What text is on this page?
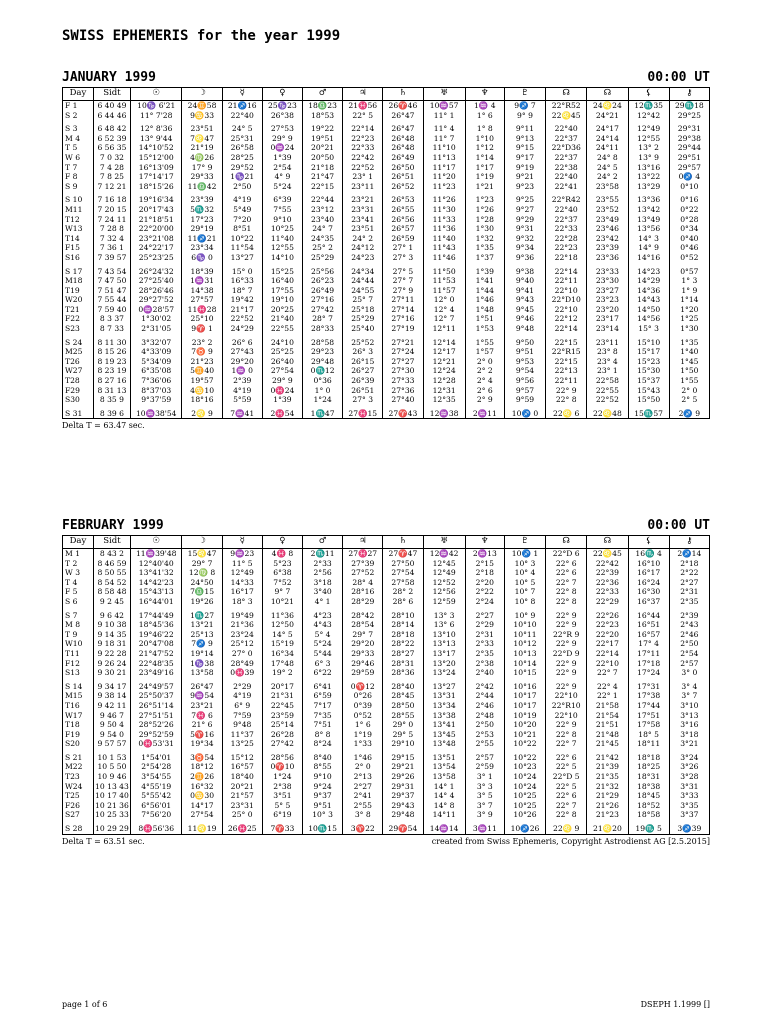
SWISS EPHEMERIS for the year 1999
JANUARY 1999	00:00 UT
Day	Sidt	☉	☽	☿	♀	♂	♃	♄	♅	♆	♇	☊	☊	⚸	⚷
F 1	6 40 49	10♑ 6'21	24♊58	21♐16	25♑23	18♎23	21♓56	26♈46	10♒57	1♒ 4	9♐ 7	22°R52	24♌24	12♏35	29♏18
S 2	6 44 46	11° 7'28	9♋33	22°40	26°38	18°53	22° 5	26°47	11° 1	1° 6	9° 9	22♌45	24°21	12°42	29°25

S 3	6 48 42	12° 8'36	23°51	24° 5	27°53	19°22	22°14	26°47	11° 4	1° 8	9°11	22°40	24°17	12°49	29°31
M 4	6 52 39	13° 9'44	7♌47	25°31	29° 9	19°51	22°23	26°48	11° 7	1°10	9°13	22°37	24°14	12°55	29°38
T 5	6 56 35	14°10'52	21°19	26°58	0♒24	20°21	22°33	26°48	11°10	1°12	9°15	22°D36	24°11	13° 2	29°44
W 6	7 0 32	15°12'00	4♍26	28°25	1°39	20°50	22°42	26°49	11°13	1°14	9°17	22°37	24° 8	13° 9	29°51
T 7	7 4 28	16°13'09	17° 9	29°52	2°54	21°18	22°52	26°50	11°17	1°17	9°19	22°38	24° 5	13°16	29°57
F 8	7 8 25	17°14'17	29°33	1♑21	4° 9	21°47	23° 1	26°51	11°20	1°19	9°21	22°40	24° 2	13°22	0♐ 4
S 9	7 12 21	18°15'26	11♎42	2°50	5°24	22°15	23°11	26°52	11°23	1°21	9°23	22°41	23°58	13°29	0°10

S 10	7 16 18	19°16'34	23°39	4°19	6°39	22°44	23°21	26°53	11°26	1°23	9°25	22°R42	23°55	13°36	0°16
M11	7 20 15	20°17'43	5♏32	5°49	7°55	23°12	23°31	26°55	11°30	1°26	9°27	22°40	23°52	13°42	0°22
T12	7 24 11	21°18'51	17°23	7°20	9°10	23°40	23°41	26°56	11°33	1°28	9°29	22°37	23°49	13°49	0°28
W13	7 28 8	22°20'00	29°19	8°51	10°25	24° 7	23°51	26°57	11°36	1°30	9°31	22°33	23°46	13°56	0°34
T14	7 32 4	23°21'08	11♐21	10°22	11°40	24°35	24° 2	26°59	11°40	1°32	9°32	22°28	23°42	14° 3	0°40
F15	7 36 1	24°22'17	23°34	11°54	12°55	25° 2	24°12	27° 1	11°43	1°35	9°34	22°23	23°39	14° 9	0°46
S16	7 39 57	25°23'25	6♑ 0	13°27	14°10	25°29	24°23	27° 3	11°46	1°37	9°36	22°18	23°36	14°16	0°52

S 17	7 43 54	26°24'32	18°39	15° 0	15°25	25°56	24°34	27° 5	11°50	1°39	9°38	22°14	23°33	14°23	0°57
M18	7 47 50	27°25'40	1♒31	16°33	16°40	26°23	24°44	27° 7	11°53	1°41	9°40	22°11	23°30	14°29	1° 3
T19	7 51 47	28°26'46	14°38	18° 7	17°55	26°49	24°55	27° 9	11°57	1°44	9°41	22°10	23°27	14°36	1° 9
W20	7 55 44	29°27'52	27°57	19°42	19°10	27°16	25° 7	27°11	12° 0	1°46	9°43	22°D10	23°23	14°43	1°14
T21	7 59 40	0♒28'57	11♓28	21°17	20°25	27°42	25°18	27°14	12° 4	1°48	9°45	22°10	23°20	14°50	1°20
F22	8 3 37	1°30'02	25°10	22°52	21°40	28° 7	25°29	27°16	12° 7	1°51	9°46	22°12	23°17	14°56	1°25
S23	8 7 33	2°31'05	9♈ 1	24°29	22°55	28°33	25°40	27°19	12°11	1°53	9°48	22°14	23°14	15° 3	1°30

S 24	8 11 30	3°32'07	23° 2	26° 6	24°10	28°58	25°52	27°21	12°14	1°55	9°50	22°15	23°11	15°10	1°35
M25	8 15 26	4°33'09	7♉ 9	27°43	25°25	29°23	26° 3	27°24	12°17	1°57	9°51	22°R15	23° 8	15°17	1°40
T26	8 19 23	5°34'09	21°23	29°20	26°40	29°48	26°15	27°27	12°21	2° 0	9°53	22°15	23° 4	15°23	1°45
W27	8 23 19	6°35'08	5♊40	1♒ 0	27°54	0♏12	26°27	27°30	12°24	2° 2	9°54	22°13	23° 1	15°30	1°50
T28	8 27 16	7°36'06	19°57	2°39	29° 9	0°36	26°39	27°33	12°28	2° 4	9°56	22°11	22°58	15°37	1°55
F29	8 31 13	8°37'03	4♋10	4°19	0♓24	1° 0	26°51	27°36	12°31	2° 6	9°57	22° 9	22°55	15°43	2° 0
S30	8 35 9	9°37'59	18°16	5°59	1°39	1°24	27° 3	27°40	12°35	2° 9	9°59	22° 8	22°52	15°50	2° 5

S 31	8 39 6	10♒38'54	2♌ 9	7♒41	2♓54	1♏47	27♓15	27♈43	12♒38	2♒11	10♐ 0	22♌ 6	22♌48	15♏57	2♐ 9
Delta T = 63.47 sec.
FEBRUARY 1999	00:00 UT
Day	Sidt	☉	☽	☿	♀	♂	♃	♄	♅	♆	♇	☊	☊	⚸	⚷
M 1	8 43 2	11♒39'48	15♌47	9♒23	4♓ 8	2♏11	27♓27	27♈47	12♒42	2♒13	10♐ 1	22°D 6	22♌45	16♏ 4	2♐14
T 2	8 46 59	12°40'40	29° 7	11° 5	5°23	2°33	27°39	27°50	12°45	2°15	10° 3	22° 6	22°42	16°10	2°18
W 3	8 50 55	13°41'32	12♍ 8	12°49	6°38	2°56	27°52	27°54	12°49	2°18	10° 4	22° 6	22°39	16°17	2°22
T 4	8 54 52	14°42'23	24°50	14°33	7°52	3°18	28° 4	27°58	12°52	2°20	10° 5	22° 7	22°36	16°24	2°27
F 5	8 58 48	15°43'13	7♎15	16°17	9° 7	3°40	28°16	28° 2	12°56	2°22	10° 7	22° 8	22°33	16°30	2°31
S 6	9 2 45	16°44'01	19°26	18° 3	10°21	4° 1	28°29	28° 6	12°59	2°24	10° 8	22° 8	22°29	16°37	2°35

S 7	9 6 42	17°44'49	1♏27	19°49	11°36	4°23	28°42	28°10	13° 3	2°27	10° 9	22° 9	22°26	16°44	2°39
M 8	9 10 38	18°45'36	13°21	21°36	12°50	4°43	28°54	28°14	13° 6	2°29	10°10	22° 9	22°23	16°51	2°43
T 9	9 14 35	19°46'22	25°13	23°24	14° 5	5° 4	29° 7	28°18	13°10	2°31	10°11	22°R 9	22°20	16°57	2°46
W10	9 18 31	20°47'08	7♐ 9	25°12	15°19	5°24	29°20	28°22	13°13	2°33	10°12	22° 9	22°17	17° 4	2°50
T11	9 22 28	21°47'52	19°14	27° 0	16°34	5°44	29°33	28°27	13°17	2°35	10°13	22°D 9	22°14	17°11	2°54
F12	9 26 24	22°48'35	1♑38	28°49	17°48	6° 3	29°46	28°31	13°20	2°38	10°14	22° 9	22°10	17°18	2°57
S13	9 30 21	23°49'16	13°58	0♓39	19° 2	6°22	29°59	28°36	13°24	2°40	10°15	22° 9	22° 7	17°24	3° 0

S 14	9 34 17	24°49'57	26°47	2°29	20°17	6°41	0♈12	28°40	13°27	2°42	10°16	22° 9	22° 4	17°31	3° 4
M15	9 38 14	25°50'37	9♒54	4°19	21°31	6°59	0°26	28°45	13°31	2°44	10°17	22°10	22° 1	17°38	3° 7
T16	9 42 11	26°51'14	23°21	6° 9	22°45	7°17	0°39	28°50	13°34	2°46	10°17	22°R10	21°58	17°44	3°10
W17	9 46 7	27°51'51	7♓ 6	7°59	23°59	7°35	0°52	28°55	13°38	2°48	10°19	22°10	21°54	17°51	3°13
T18	9 50 4	28°52'26	21° 6	9°48	25°14	7°51	1° 6	29° 0	13°41	2°50	10°20	22° 9	21°51	17°58	3°16
F19	9 54 0	29°52'59	5♈16	11°37	26°28	8° 8	1°19	29° 5	13°45	2°53	10°21	22° 8	21°48	18° 5	3°18
S20	9 57 57	0♓53'31	19°34	13°25	27°42	8°24	1°33	29°10	13°48	2°55	10°22	22° 7	21°45	18°11	3°21

S 21	10 1 53	1°54'01	3♉54	15°12	28°56	8°40	1°46	29°15	13°51	2°57	10°22	22° 6	21°42	18°18	3°24
M22	10 5 50	2°54'28	18°12	16°57	0♈10	8°55	2° 0	29°21	13°54	2°59	10°23	22° 5	21°39	18°25	3°26
T23	10 9 46	3°54'55	2♊26	18°40	1°24	9°10	2°13	29°26	13°58	3° 1	10°24	22°D 5	21°35	18°31	3°28
W24	10 13 43	4°55'19	16°32	20°21	2°38	9°24	2°27	29°31	14° 1	3° 3	10°24	22° 5	21°32	18°38	3°31
T25	10 17 40	5°55'42	0♋30	21°57	3°51	9°37	2°41	29°37	14° 4	3° 5	10°25	22° 6	21°29	18°45	3°33
F26	10 21 36	6°56'01	14°17	23°31	5° 5	9°51	2°55	29°43	14° 8	3° 7	10°25	22° 7	21°26	18°52	3°35
S27	10 25 33	7°56'20	27°54	25° 0	6°19	10° 3	3° 8	29°48	14°11	3° 9	10°26	22° 8	21°23	18°58	3°37

S 28	10 29 29	8♓56'36	11♌19	26♓25	7♈33	10♏15	3♈22	29♈54	14♒14	3♒11	10♐26	22♌ 9	21♌20	19♏ 5	3♐39
Delta T = 63.51 sec.	created from Swiss Ephemeris, Copyright Astrodienst AG [2.5.2015]
page 1 of 6	DSEPH 1.1999 []
